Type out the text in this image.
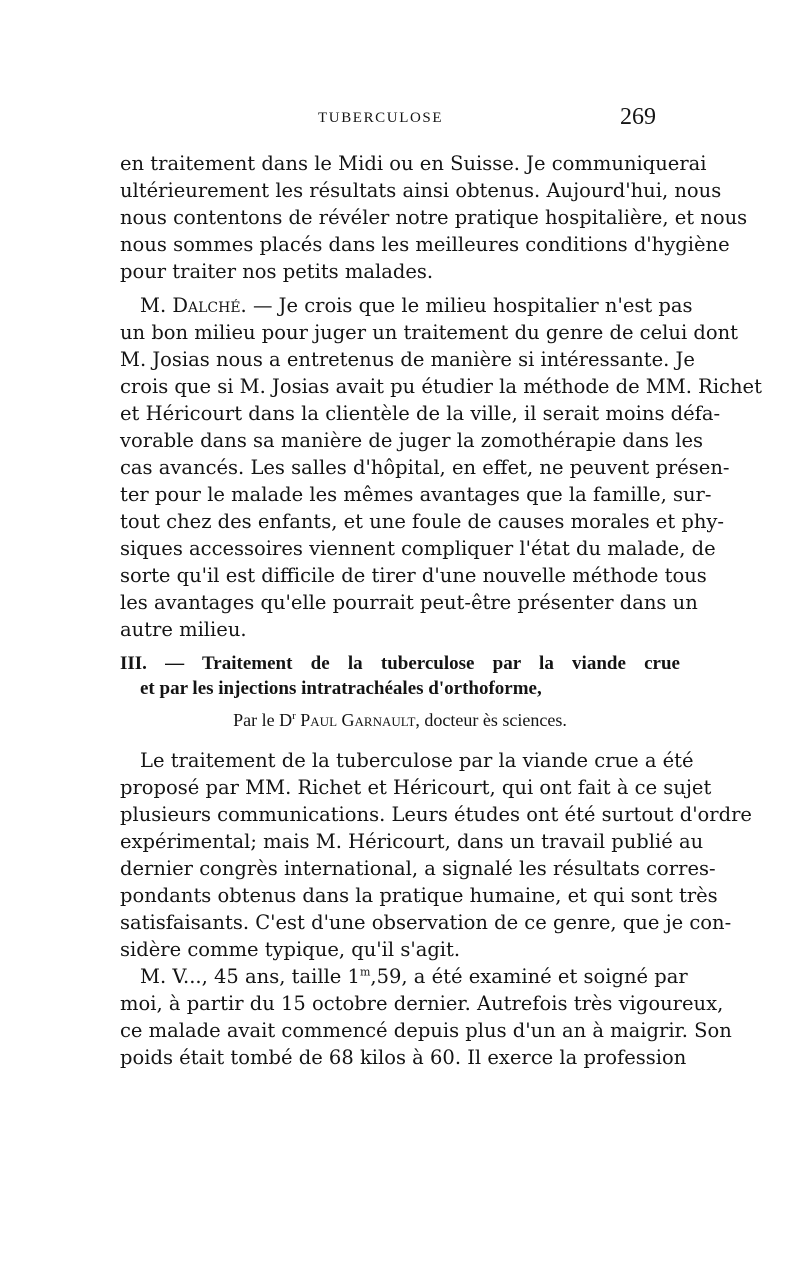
TUBERCULOSE	269
en traitement dans le Midi ou en Suisse. Je communiquerai
ultérieurement les résultats ainsi obtenus. Aujourd'hui, nous
nous contentons de révéler notre pratique hospitalière, et nous
nous sommes placés dans les meilleures conditions d'hygiène
pour traiter nos petits malades.
M. Dalché. — Je crois que le milieu hospitalier n'est pas
un bon milieu pour juger un traitement du genre de celui dont
M. Josias nous a entretenus de manière si intéressante. Je
crois que si M. Josias avait pu étudier la méthode de MM. Richet
et Héricourt dans la clientèle de la ville, il serait moins défa-
vorable dans sa manière de juger la zomothérapie dans les
cas avancés. Les salles d'hôpital, en effet, ne peuvent présen-
ter pour le malade les mêmes avantages que la famille, sur-
tout chez des enfants, et une foule de causes morales et phy-
siques accessoires viennent compliquer l'état du malade, de
sorte qu'il est difficile de tirer d'une nouvelle méthode tous
les avantages qu'elle pourrait peut-être présenter dans un
autre milieu.
III. — Traitement de la tuberculose par la viande crue
et par les injections intratrachéales d'orthoforme,
Par le $D^r$ Paul Garnault, docteur ès sciences.
Le traitement de la tuberculose par la viande crue a été
proposé par MM. Richet et Héricourt, qui ont fait à ce sujet
plusieurs communications. Leurs études ont été surtout d'ordre
expérimental; mais M. Héricourt, dans un travail publié au
dernier congrès international, a signalé les résultats corres-
pondants obtenus dans la pratique humaine, et qui sont très
satisfaisants. C'est d'une observation de ce genre, que je con-
sidère comme typique, qu'il s'agit.
M. V..., 45 ans, taille 1$^m$,59, a été examiné et soigné par
moi, à partir du 15 octobre dernier. Autrefois très vigoureux,
ce malade avait commencé depuis plus d'un an à maigrir. Son
poids était tombé de 68 kilos à 60. Il exerce la profession
